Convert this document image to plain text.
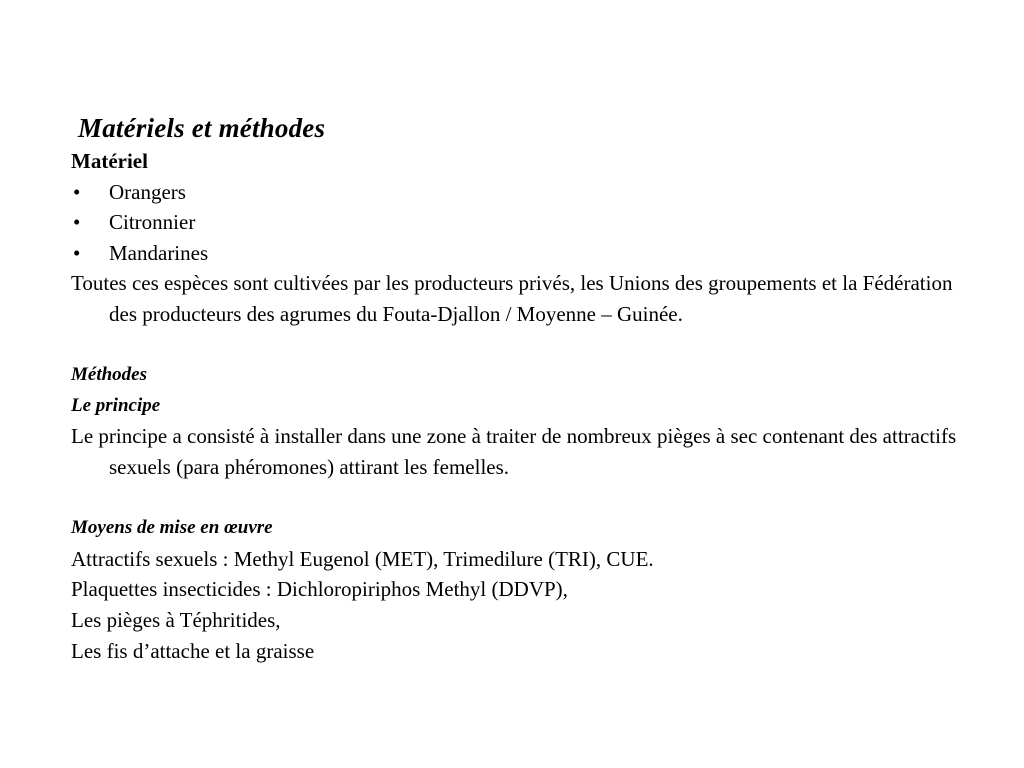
Matériels et méthodes
Matériel
• Orangers
• Citronnier
• Mandarines

Toutes ces espèces sont cultivées par les producteurs privés, les Unions des groupements et la Fédération des producteurs des agrumes du Fouta-Djallon / Moyenne – Guinée.

Méthodes
Le principe

Le principe a consisté à installer dans une zone à traiter de nombreux pièges à sec contenant des attractifs sexuels (para phéromones) attirant les femelles.

Moyens de mise en œuvre

Attractifs sexuels : Methyl Eugenol (MET), Trimedilure (TRI), CUE.

Plaquettes insecticides : Dichloropiriphos Methyl (DDVP),

Les pièges à Téphritides,

Les fis d’attache et la graisse
